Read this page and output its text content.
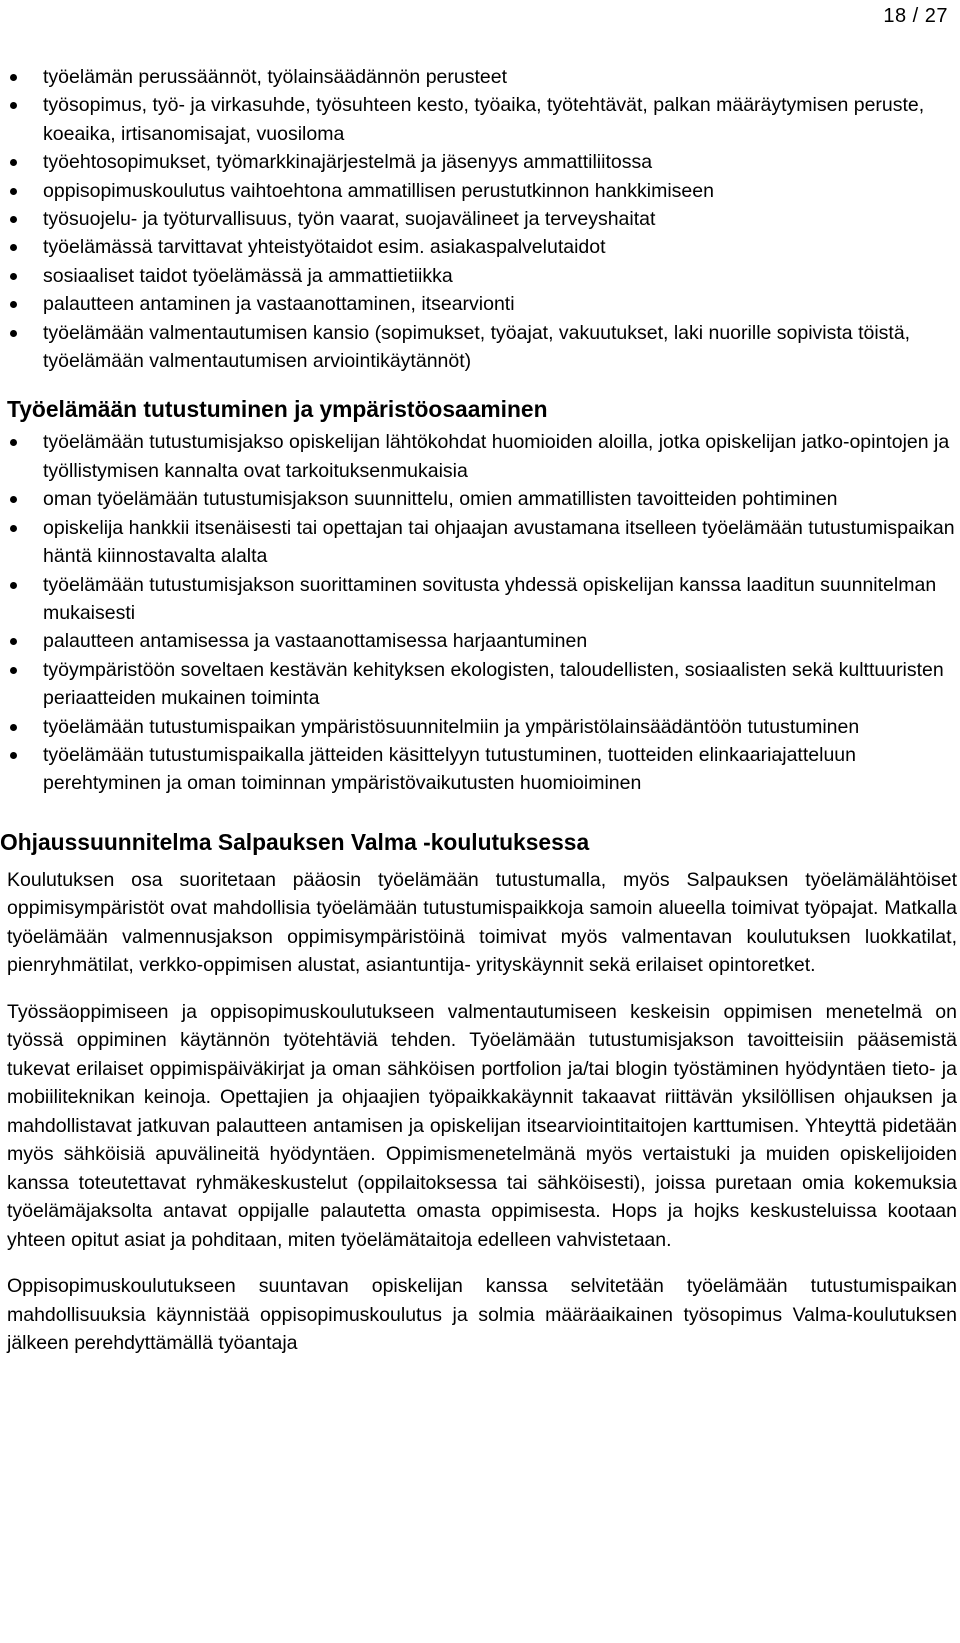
18 / 27
työelämän perussäännöt, työlainsäädännön perusteet
työsopimus, työ- ja virkasuhde, työsuhteen kesto, työaika, työtehtävät, palkan määräytymisen peruste, koeaika, irtisanomisajat, vuosiloma
työehtosopimukset, työmarkkinajärjestelmä ja jäsenyys ammattiliitossa
oppisopimuskoulutus vaihtoehtona ammatillisen perustutkinnon hankkimiseen
työsuojelu- ja työturvallisuus, työn vaarat, suojavälineet ja terveyshaitat
työelämässä tarvittavat yhteistyötaidot esim. asiakaspalvelutaidot
sosiaaliset taidot työelämässä ja ammattietiikka
palautteen antaminen ja vastaanottaminen, itsearvionti
työelämään valmentautumisen kansio (sopimukset, työajat, vakuutukset, laki nuorille sopivista töistä, työelämään valmentautumisen arviointikäytännöt)
Työelämään tutustuminen ja ympäristöosaaminen
työelämään tutustumisjakso opiskelijan lähtökohdat huomioiden aloilla, jotka opiskelijan jatko-opintojen ja työllistymisen kannalta ovat tarkoituksenmukaisia
oman työelämään tutustumisjakson suunnittelu, omien ammatillisten tavoitteiden pohtiminen
opiskelija hankkii itsenäisesti tai opettajan tai ohjaajan avustamana itselleen työelämään tutustumispaikan häntä kiinnostavalta alalta
työelämään tutustumisjakson suorittaminen sovitusta yhdessä opiskelijan kanssa laaditun suunnitelman mukaisesti
palautteen antamisessa ja vastaanottamisessa harjaantuminen
työympäristöön soveltaen kestävän kehityksen ekologisten, taloudellisten, sosiaalisten sekä kulttuuristen periaatteiden mukainen toiminta
työelämään tutustumispaikan ympäristösuunnitelmiin ja ympäristölainsäädäntöön tutustuminen
työelämään tutustumispaikalla jätteiden käsittelyyn tutustuminen, tuotteiden elinkaariajatteluun perehtyminen ja oman toiminnan ympäristövaikutusten huomioiminen
Ohjaussuunnitelma Salpauksen Valma -koulutuksessa

Koulutuksen osa suoritetaan pääosin työelämään tutustumalla, myös Salpauksen työelämälähtöiset oppimisympäristöt ovat mahdollisia työelämään tutustumispaikkoja samoin alueella toimivat työpajat. Matkalla työelämään valmennusjakson oppimisympäristöinä toimivat myös valmentavan koulutuksen luokkatilat, pienryhmätilat, verkko-oppimisen alustat, asiantuntija- yrityskäynnit sekä erilaiset opintoretket.

Työssäoppimiseen ja oppisopimuskoulutukseen valmentautumiseen keskeisin oppimisen menetelmä on työssä oppiminen käytännön työtehtäviä tehden. Työelämään tutustumisjakson tavoitteisiin pääsemistä tukevat erilaiset oppimispäiväkirjat ja oman sähköisen portfolion ja/tai blogin työstäminen hyödyntäen tieto- ja mobiiliteknikan keinoja. Opettajien ja ohjaajien työpaikkakäynnit takaavat riittävän yksilöllisen ohjauksen ja mahdollistavat jatkuvan palautteen antamisen ja opiskelijan itsearviointitaitojen karttumisen. Yhteyttä pidetään myös sähköisiä apuvälineitä hyödyntäen. Oppimismenetelmänä myös vertaistuki ja muiden opiskelijoiden kanssa toteutettavat ryhmäkeskustelut (oppilaitoksessa tai sähköisesti), joissa puretaan omia kokemuksia työelämäjaksolta antavat oppijalle palautetta omasta oppimisesta. Hops ja hojks keskusteluissa kootaan yhteen opitut asiat ja pohditaan, miten työelämätaitoja edelleen vahvistetaan.

Oppisopimuskoulutukseen suuntavan opiskelijan kanssa selvitetään työelämään tutustumispaikan mahdollisuuksia käynnistää oppisopimuskoulutus ja solmia määräaikainen työsopimus Valma-koulutuksen jälkeen perehdyttämällä työantaja
